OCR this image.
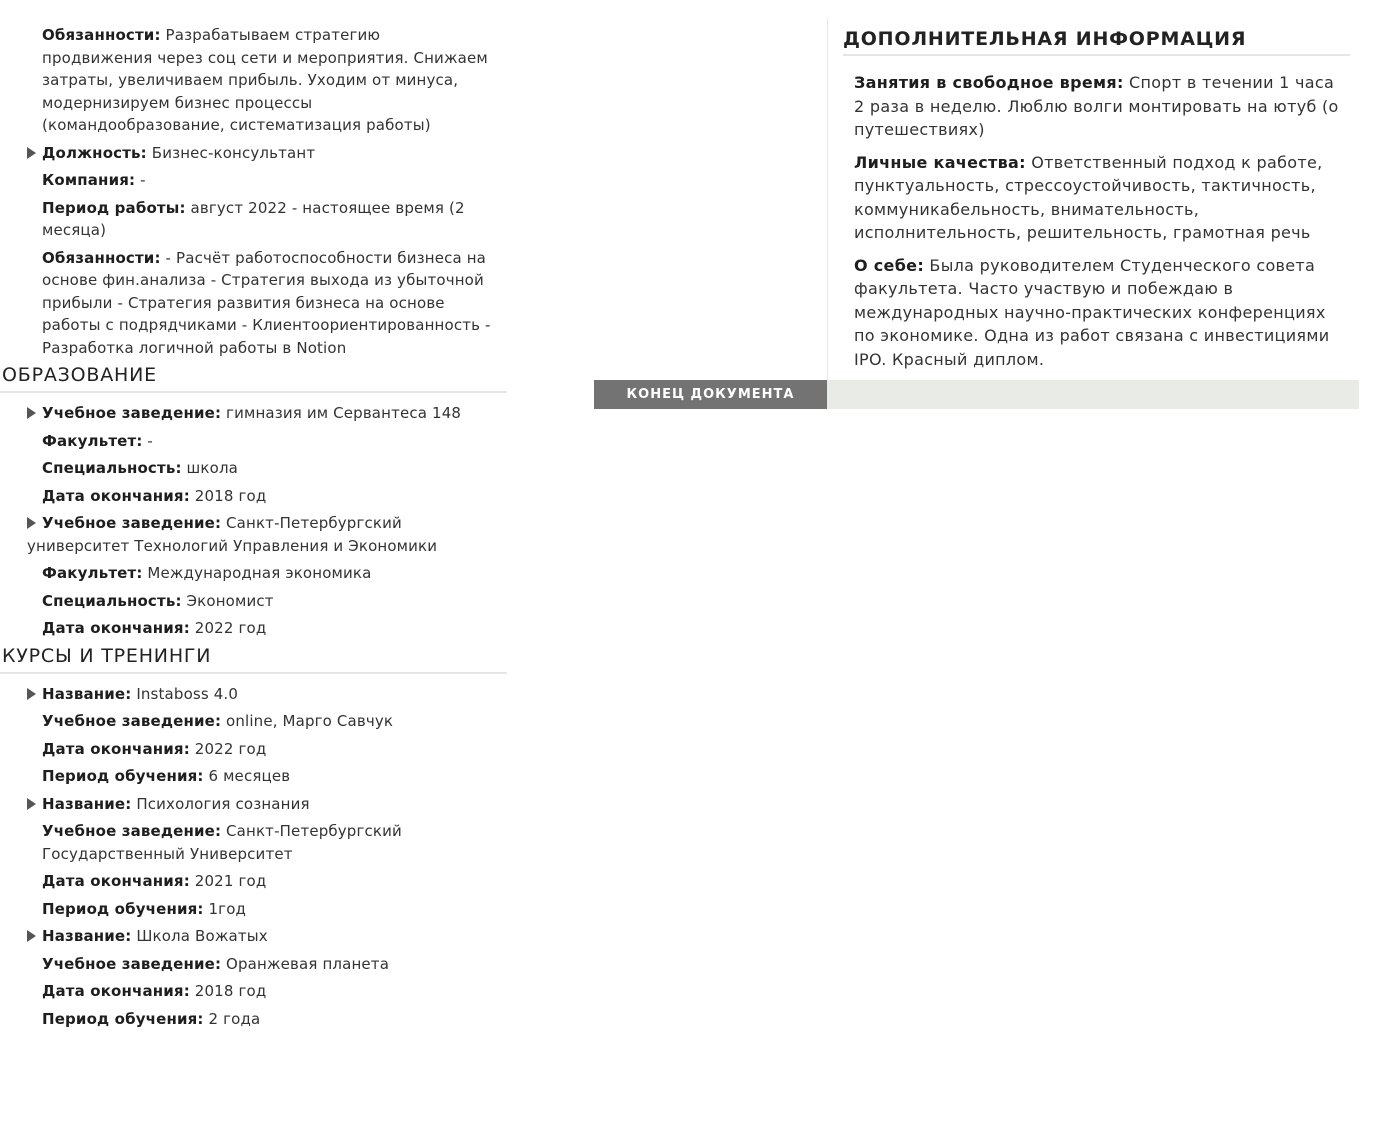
Обязанности: Разрабатываем стратегию продвижения через соц сети и мероприятия. Снижаем затраты, увеличиваем прибыль. Уходим от минуса, модернизируем бизнес процессы (командообразование, систематизация работы)
Должность: Бизнес-консультант
Компания: -
Период работы: август 2022 - настоящее время (2 месяца)
Обязанности: - Расчёт работоспособности бизнеса на основе фин.анализа - Стратегия выхода из убыточной прибыли - Стратегия развития бизнеса на основе работы с подрядчиками - Клиентоориентированность - Разработка логичной работы в Notion
ОБРАЗОВАНИЕ
Учебное заведение: гимназия им Сервантеса 148
Факультет: -
Специальность: школа
Дата окончания: 2018 год
Учебное заведение: Санкт-Петербургский университет Технологий Управления и Экономики
Факультет: Международная экономика
Специальность: Экономист
Дата окончания: 2022 год
КУРСЫ И ТРЕНИНГИ
Название: Instaboss 4.0
Учебное заведение: online, Марго Савчук
Дата окончания: 2022 год
Период обучения: 6 месяцев
Название: Психология сознания
Учебное заведение: Санкт-Петербургский Государственный Университет
Дата окончания: 2021 год
Период обучения: 1год
Название: Школа Вожатых
Учебное заведение: Оранжевая планета
Дата окончания: 2018 год
Период обучения: 2 года
ДОПОЛНИТЕЛЬНАЯ ИНФОРМАЦИЯ
Занятия в свободное время: Спорт в течении 1 часа 2 раза в неделю. Люблю волги монтировать на ютуб (о путешествиях)
Личные качества: Ответственный подход к работе, пунктуальность, стрессоустойчивость, тактичность, коммуникабельность, внимательность, исполнительность, решительность, грамотная речь
О себе: Была руководителем Студенческого совета факультета. Часто участвую и побеждаю в международных научно-практических конференциях по экономике. Одна из работ связана с инвестициями IPO. Красный диплом.
КОНЕЦ ДОКУМЕНТА
